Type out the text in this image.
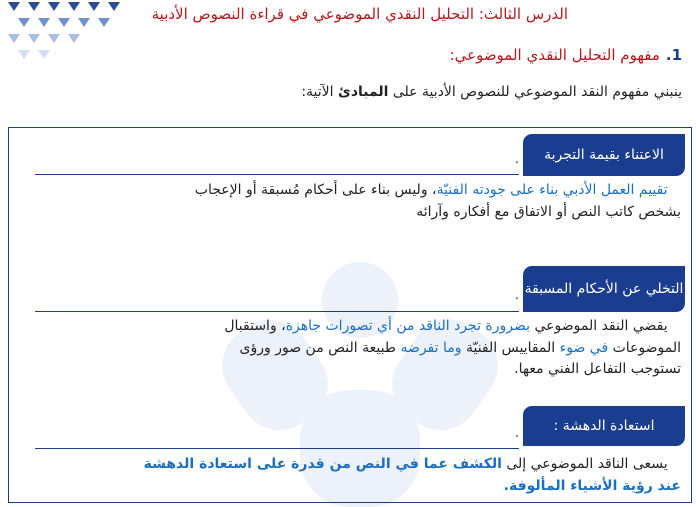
الدرس الثالث: التحليل النقدي الموضوعي في قراءة النصوص الأدبية
1.مفهوم التحليل النقدي الموضوعي:
ينبني مفهوم النقد الموضوعي للنصوص الأدبية على المبادئ الآتية:
الاعتناء بقيمة التجربة
.
تقييم العمل الأدبي بناء على جودته الفنيّة، وليس بناء على أحكام مُسبقة أو الإعجاب
بشخص كاتب النص أو الاتفاق مع أفكاره وآرائه
التخلي عن الأحكام المسبقة
.
يقضي النقد الموضوعي بضرورة تجرد الناقد من أي تصورات جاهزة، واستقبال
الموضوعات في ضوء المقاييس الفنيّة وما تفرضه طبيعة النص من صور ورؤى
تستوجب التفاعل الفني معها.
استعادة الدهشة :
.
يسعى الناقد الموضوعي إلى الكشف عما في النص من قدرة على استعادة الدهشة
عند رؤية الأشياء المألوفة.
